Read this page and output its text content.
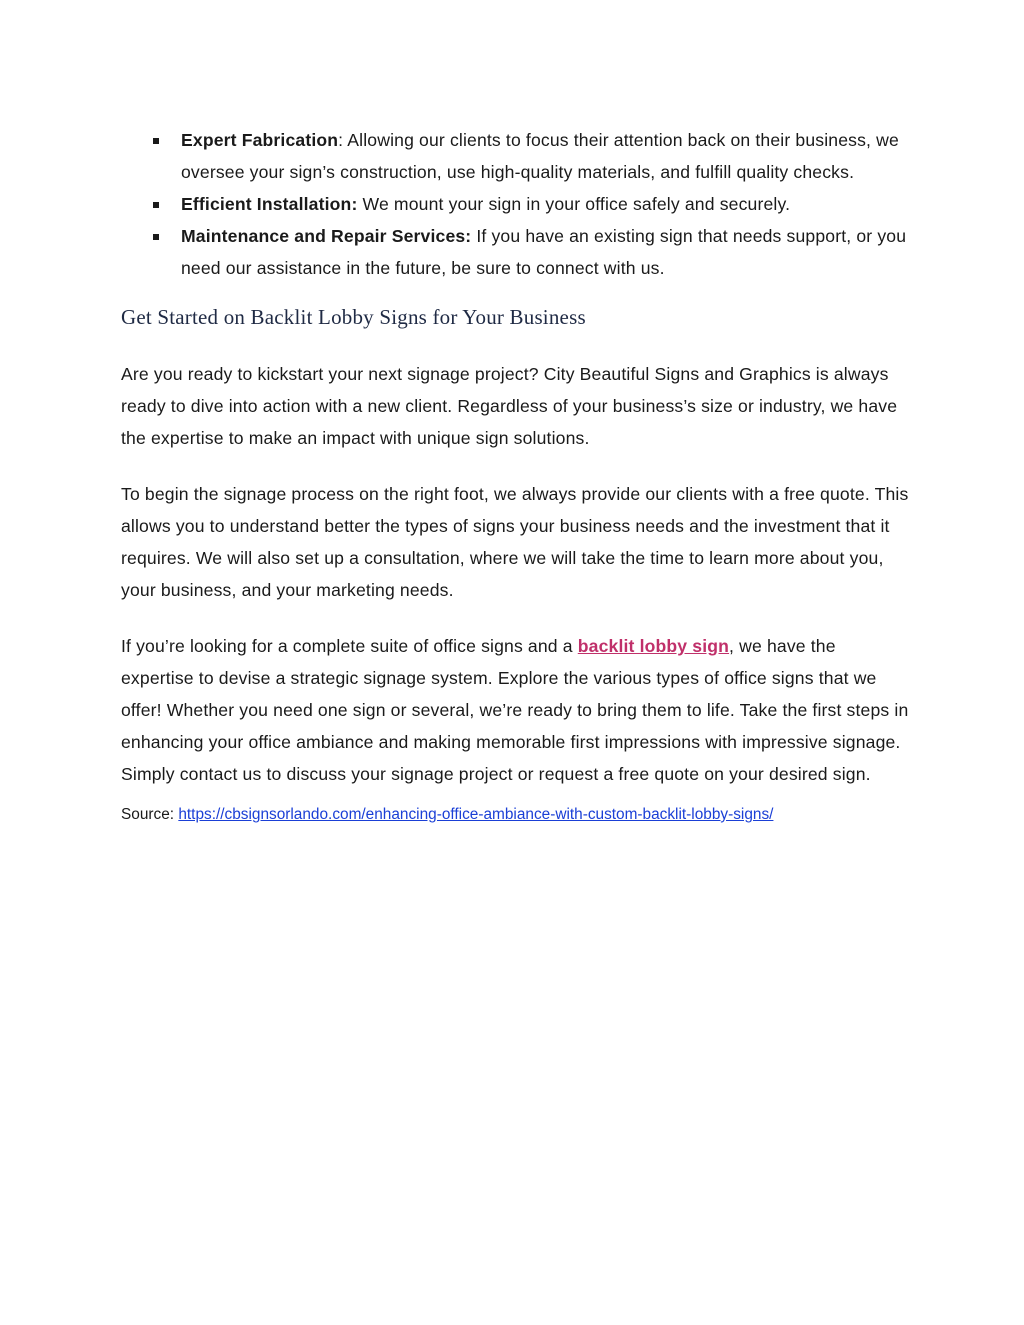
Expert Fabrication: Allowing our clients to focus their attention back on their business, we oversee your sign’s construction, use high-quality materials, and fulfill quality checks.
Efficient Installation: We mount your sign in your office safely and securely.
Maintenance and Repair Services: If you have an existing sign that needs support, or you need our assistance in the future, be sure to connect with us.
Get Started on Backlit Lobby Signs for Your Business

Are you ready to kickstart your next signage project? City Beautiful Signs and Graphics is always ready to dive into action with a new client. Regardless of your business’s size or industry, we have the expertise to make an impact with unique sign solutions.

To begin the signage process on the right foot, we always provide our clients with a free quote. This allows you to understand better the types of signs your business needs and the investment that it requires. We will also set up a consultation, where we will take the time to learn more about you, your business, and your marketing needs.

If you’re looking for a complete suite of office signs and a backlit lobby sign, we have the expertise to devise a strategic signage system. Explore the various types of office signs that we offer! Whether you need one sign or several, we’re ready to bring them to life. Take the first steps in enhancing your office ambiance and making memorable first impressions with impressive signage. Simply contact us to discuss your signage project or request a free quote on your desired sign.

Source: https://cbsignsorlando.com/enhancing-office-ambiance-with-custom-backlit-lobby-signs/
